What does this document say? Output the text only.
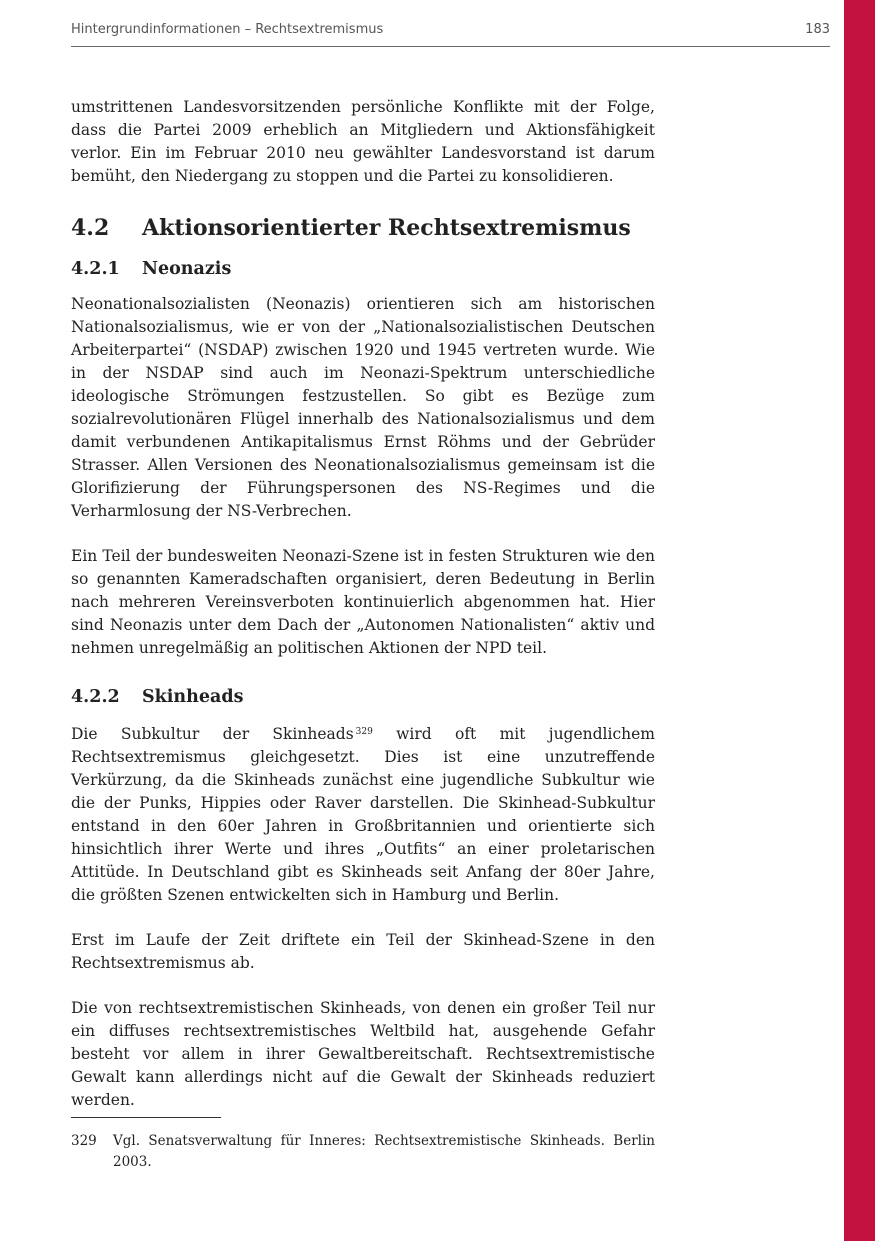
Hintergrundinformationen – Rechtsextremismus	183

umstrittenen Landesvorsitzenden persönliche Konflikte mit der Folge, dass die Partei 2009 erheblich an Mitgliedern und Aktionsfähigkeit verlor. Ein im Februar 2010 neu gewählter Landesvorstand ist darum bemüht, den Niedergang zu stoppen und die Partei zu konsolidieren.

4.2 Aktionsorientierter Rechtsextremismus
4.2.1 Neonazis

Neonationalsozialisten (Neonazis) orientieren sich am historischen Nationalsozialismus, wie er von der „Nationalsozialistischen Deutschen Arbeiterpartei“ (NSDAP) zwischen 1920 und 1945 vertreten wurde. Wie in der NSDAP sind auch im Neonazi-Spektrum unterschiedliche ideologische Strömungen festzustellen. So gibt es Bezüge zum sozialrevolutionären Flügel innerhalb des Nationalsozialismus und dem damit verbundenen Antikapitalismus Ernst Röhms und der Gebrüder Strasser. Allen Versionen des Neonationalsozialismus gemeinsam ist die Glorifizierung der Führungspersonen des NS-Regimes und die Verharmlosung der NS-Verbrechen.

Ein Teil der bundesweiten Neonazi-Szene ist in festen Strukturen wie den so genannten Kameradschaften organisiert, deren Bedeutung in Berlin nach mehreren Vereinsverboten kontinuierlich abgenommen hat. Hier sind Neonazis unter dem Dach der „Autonomen Nationalisten“ aktiv und nehmen unregelmäßig an politischen Aktionen der NPD teil.

4.2.2 Skinheads

Die Subkultur der Skinheads $^{329}$ wird oft mit jugendlichem Rechtsextremismus gleichgesetzt. Dies ist eine unzutreffende Verkürzung, da die Skinheads zunächst eine jugendliche Subkultur wie die der Punks, Hippies oder Raver darstellen. Die Skinhead-Subkultur entstand in den 60er Jahren in Großbritannien und orientierte sich hinsichtlich ihrer Werte und ihres „Outfits“ an einer proletarischen Attitüde. In Deutschland gibt es Skinheads seit Anfang der 80er Jahre, die größten Szenen entwickelten sich in Hamburg und Berlin.

Erst im Laufe der Zeit driftete ein Teil der Skinhead-Szene in den Rechtsextremismus ab.

Die von rechtsextremistischen Skinheads, von denen ein großer Teil nur ein diffuses rechtsextremistisches Weltbild hat, ausgehende Gefahr besteht vor allem in ihrer Gewaltbereitschaft. Rechtsextremistische Gewalt kann allerdings nicht auf die Gewalt der Skinheads reduziert werden.

329	Vgl. Senatsverwaltung für Inneres: Rechtsextremistische Skinheads. Berlin 2003.
